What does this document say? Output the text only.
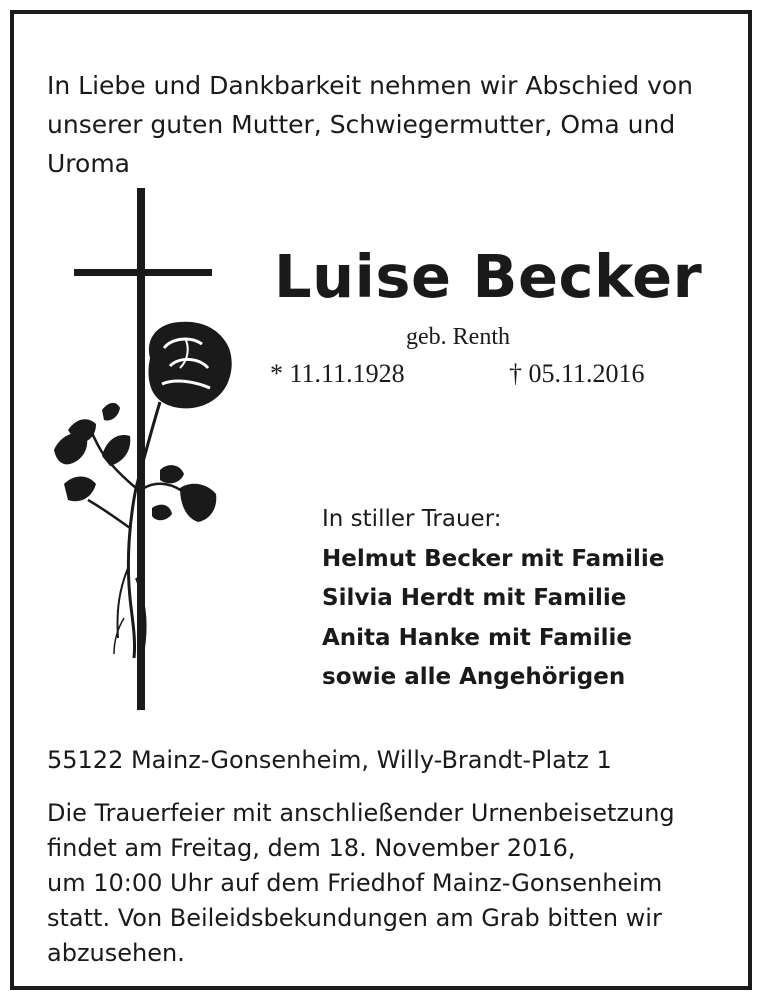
In Liebe und Dankbarkeit nehmen wir Abschied von
unserer guten Mutter, Schwiegermutter, Oma und
Uroma
Luise Becker
geb. Renth
* 11.11.1928	† 05.11.2016
In stiller Trauer:
Helmut Becker mit Familie
Silvia Herdt mit Familie
Anita Hanke mit Familie
sowie alle Angehörigen
55122 Mainz-Gonsenheim, Willy-Brandt-Platz 1
Die Trauerfeier mit anschließender Urnenbeisetzung
findet am Freitag, dem 18. November 2016,
um 10:00 Uhr auf dem Friedhof Mainz-Gonsenheim
statt. Von Beileidsbekundungen am Grab bitten wir
abzusehen.
